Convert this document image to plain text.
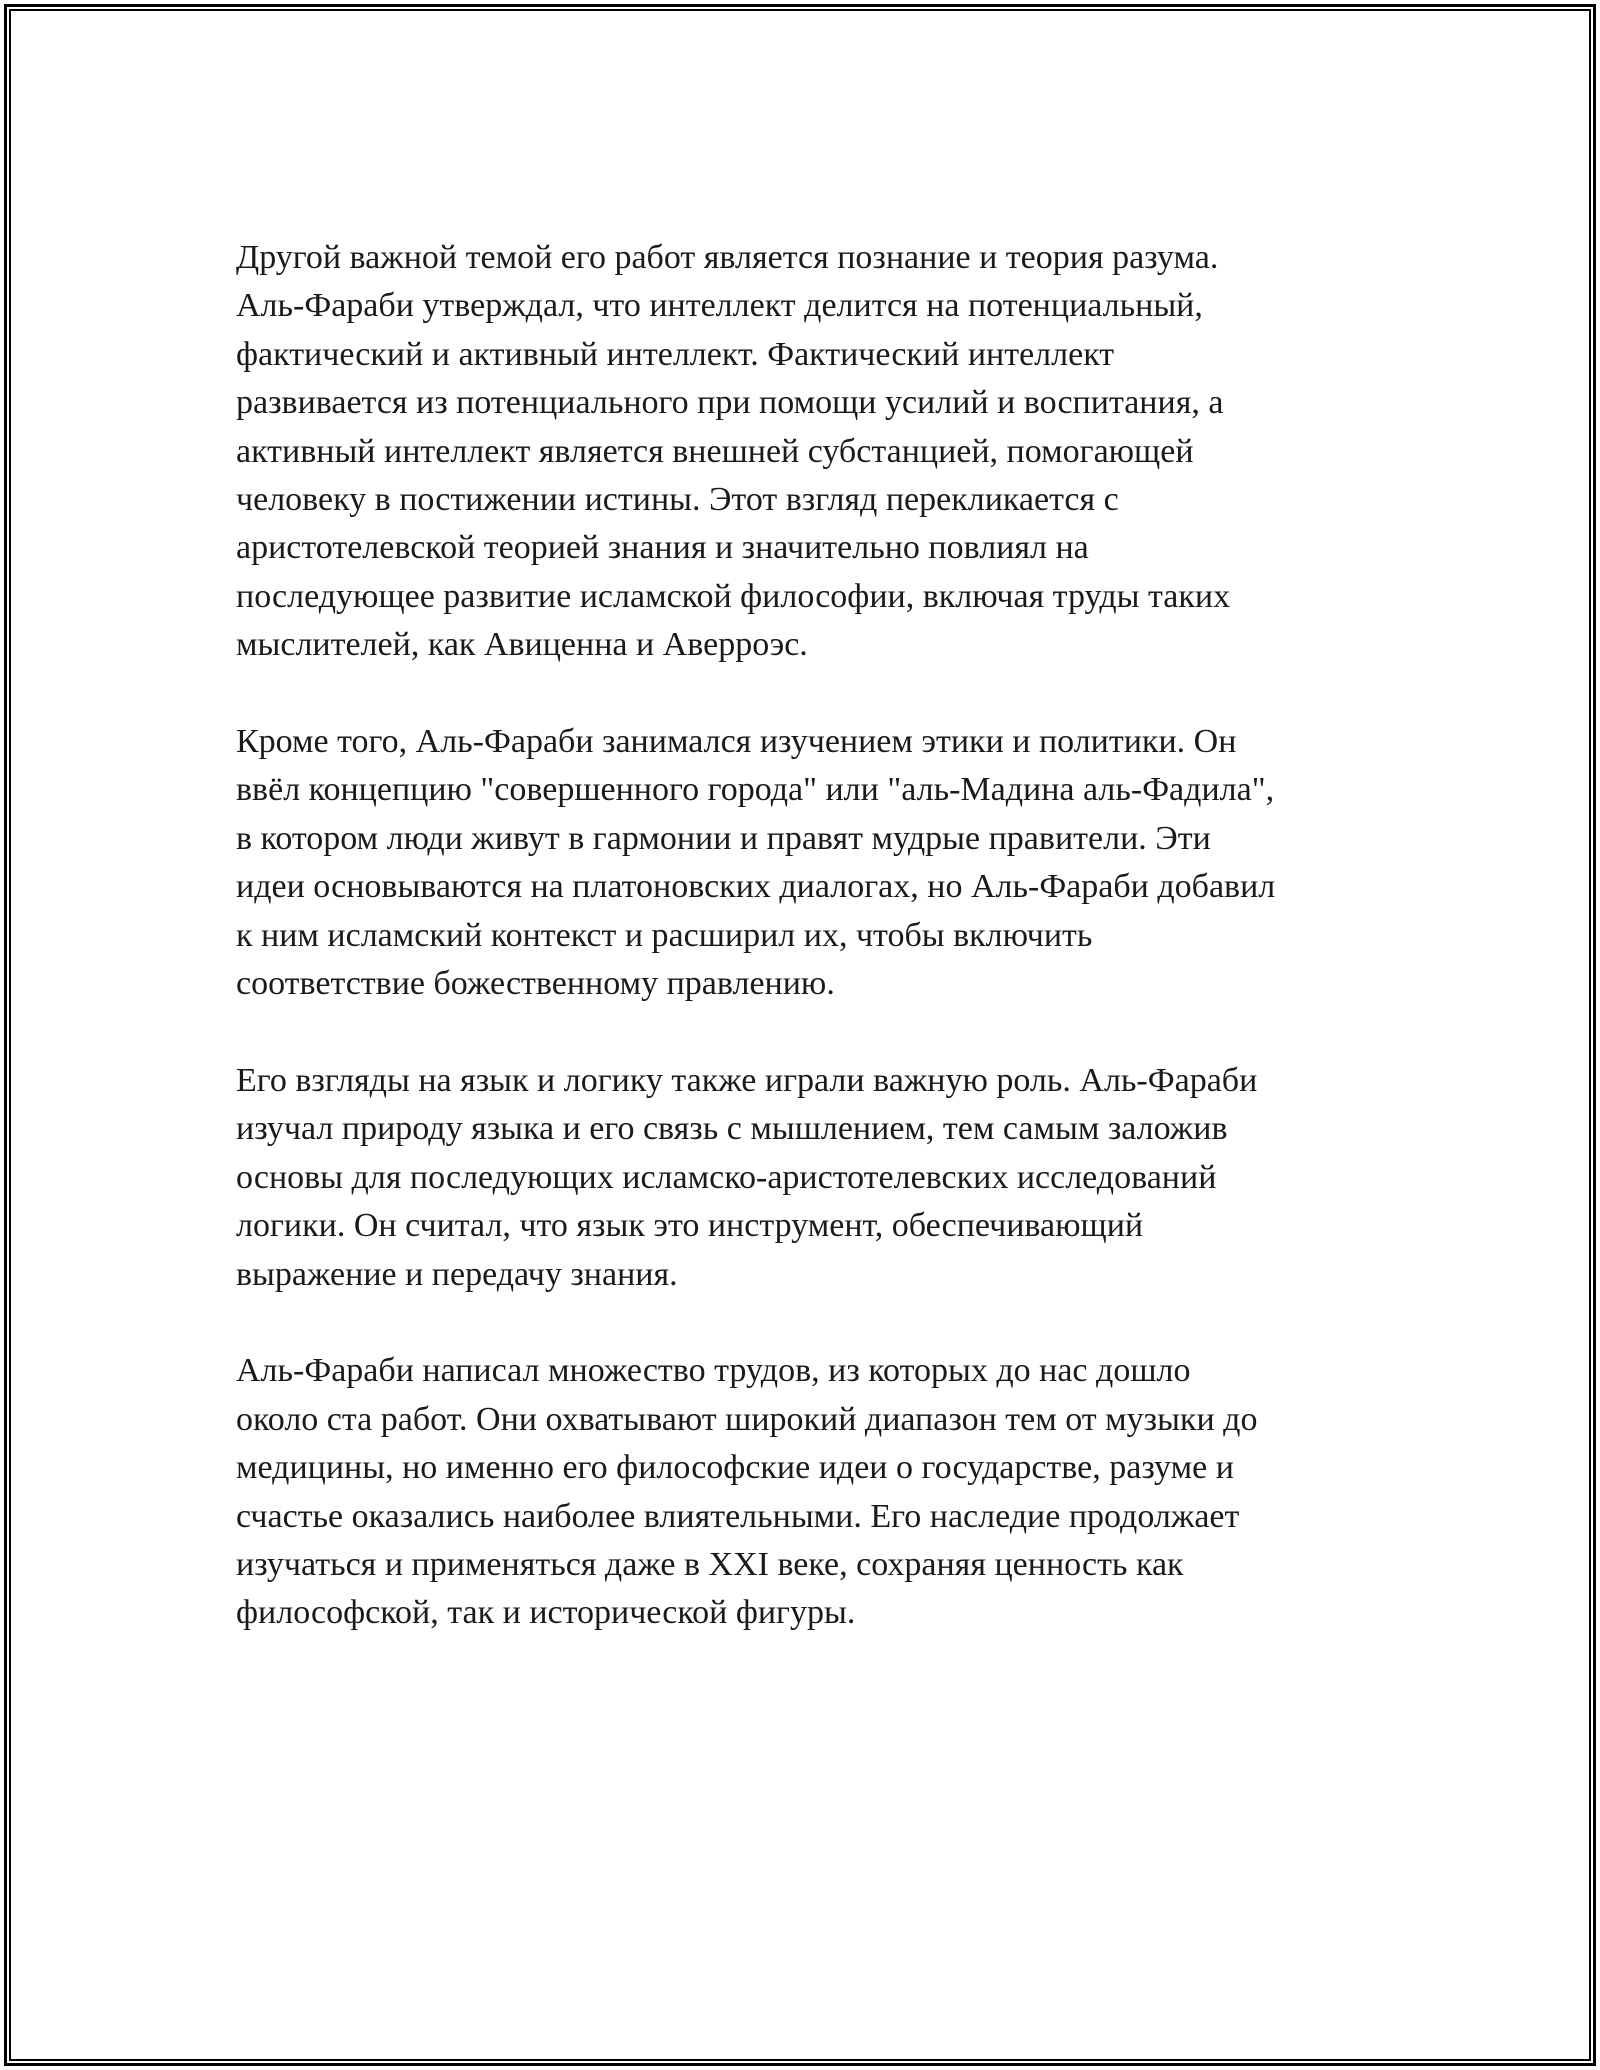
Другой важной темой его работ является познание и теория разума.
Аль-Фараби утверждал, что интеллект делится на потенциальный,
фактический и активный интеллект. Фактический интеллект
развивается из потенциального при помощи усилий и воспитания, а
активный интеллект является внешней субстанцией, помогающей
человеку в постижении истины. Этот взгляд перекликается с
аристотелевской теорией знания и значительно повлиял на
последующее развитие исламской философии, включая труды таких
мыслителей, как Авиценна и Аверроэс.

Кроме того, Аль-Фараби занимался изучением этики и политики. Он
ввёл концепцию "совершенного города" или "аль-Мадина аль-Фадила",
в котором люди живут в гармонии и правят мудрые правители. Эти
идеи основываются на платоновских диалогах, но Аль-Фараби добавил
к ним исламский контекст и расширил их, чтобы включить
соответствие божественному правлению.

Его взгляды на язык и логику также играли важную роль. Аль-Фараби
изучал природу языка и его связь с мышлением, тем самым заложив
основы для последующих исламско-аристотелевских исследований
логики. Он считал, что язык это инструмент, обеспечивающий
выражение и передачу знания.

Аль-Фараби написал множество трудов, из которых до нас дошло
около ста работ. Они охватывают широкий диапазон тем от музыки до
медицины, но именно его философские идеи о государстве, разуме и
счастье оказались наиболее влиятельными. Его наследие продолжает
изучаться и применяться даже в XXI веке, сохраняя ценность как
философской, так и исторической фигуры.
